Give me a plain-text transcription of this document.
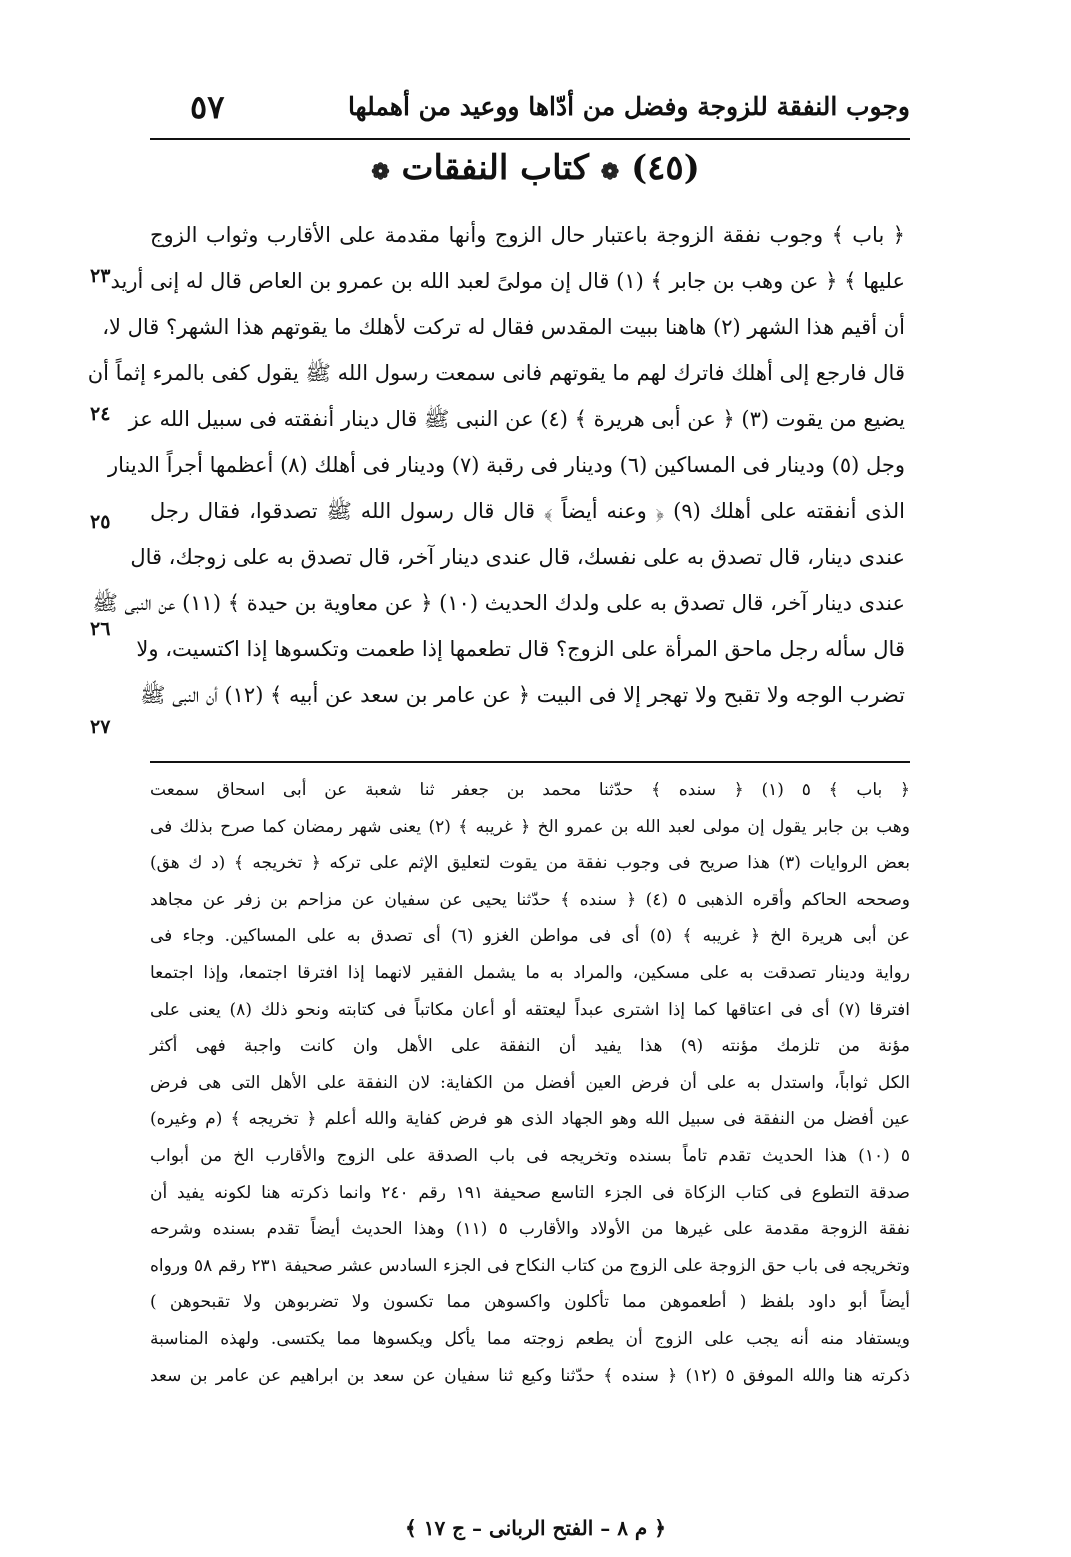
وجوب النفقة للزوجة وفضل من أدّاها ووعيد من أهملها
٥٧
(٤٥) ❁ كتاب النفقات ❁
﴿ باب ﴾ وجوب نفقة الزوجة باعتبار حال الزوج وأنها مقدمة على الأقارب وثواب الزوج
عليها ﴾ ﴿ عن وهب بن جابر ﴾ (١) قال إن مولىً لعبد الله بن عمرو بن العاص قال له إنى أريد
أن أقيم هذا الشهر (٢) هاهنا ببيت المقدس فقال له تركت لأهلك ما يقوتهم هذا الشهر؟ قال لا،
قال فارجع إلى أهلك فاترك لهم ما يقوتهم فانى سمعت رسول الله ﷺ يقول كفى بالمرء إثماً أن
يضيع من يقوت (٣) ﴿ عن أبى هريرة ﴾ (٤) عن النبى ﷺ قال دينار أنفقته فى سبيل الله عز
وجل (٥) ودينار فى المساكين (٦) ودينار فى رقبة (٧) ودينار فى أهلك (٨) أعظمها أجراً الدينار
الذى أنفقته على أهلك (٩) ﴿ وعنه أيضاً ﴾ قال قال رسول الله ﷺ تصدقوا، فقال رجل
عندى دينار، قال تصدق به على نفسك، قال عندى دينار آخر، قال تصدق به على زوجك، قال
عندى دينار آخر، قال تصدق به على ولدك الحديث (١٠) ﴿ عن معاوية بن حيدة ﴾ (١١) عن النبى ﷺ
قال سأله رجل ماحق المرأة على الزوج؟ قال تطعمها إذا طعمت وتكسوها إذا اكتسيت، ولا
تضرب الوجه ولا تقبح ولا تهجر إلا فى البيت ﴿ عن عامر بن سعد عن أبيه ﴾ (١٢) أن النبى ﷺ
٢٣
٢٤
٢٥
٢٦
٢٧
﴿ باب ﴾ ٥ (١) ﴿ سنده ﴾ حدّثنا محمد بن جعفر ثنا شعبة عن أبى اسحاق سمعت
وهب بن جابر يقول إن مولى لعبد الله بن عمرو الخ ﴿ غريبه ﴾ (٢) يعنى شهر رمضان كما صرح بذلك فى
بعض الروايات (٣) هذا صريح فى وجوب نفقة من يقوت لتعليق الإثم على تركه ﴿ تخريجه ﴾ (د ك هق)
وصححه الحاكم وأقره الذهبى ٥ (٤) ﴿ سنده ﴾ حدّثنا يحيى عن سفيان عن مزاحم بن زفر عن مجاهد
عن أبى هريرة الخ ﴿ غريبه ﴾ (٥) أى فى مواطن الغزو (٦) أى تصدق به على المساكين. وجاء فى
رواية ودينار تصدقت به على مسكين، والمراد به ما يشمل الفقير لانهما إذا افترقا اجتمعا، وإذا اجتمعا
افترقا (٧) أى فى اعتاقها كما إذا اشترى عبداً ليعتقه أو أعان مكاتباً فى كتابته ونحو ذلك (٨) يعنى على
مؤنة من تلزمك مؤنته (٩) هذا يفيد أن النفقة على الأهل وان كانت واجبة فهى أكثر
الكل ثواباً، واستدل به على أن فرض العين أفضل من الكفاية: لان النفقة على الأهل التى هى فرض
عين أفضل من النفقة فى سبيل الله وهو الجهاد الذى هو فرض كفاية والله أعلم ﴿ تخريجه ﴾ (م وغيره)
٥ (١٠) هذا الحديث تقدم تاماً بسنده وتخريجه فى باب الصدقة على الزوج والأقارب الخ من أبواب
صدقة التطوع فى كتاب الزكاة فى الجزء التاسع صحيفة ١٩١ رقم ٢٤٠ وانما ذكرته هنا لكونه يفيد أن
نفقة الزوجة مقدمة على غيرها من الأولاد والأقارب ٥ (١١) وهذا الحديث أيضاً تقدم بسنده وشرحه
وتخريجه فى باب حق الزوجة على الزوج من كتاب النكاح فى الجزء السادس عشر صحيفة ٢٣١ رقم ٥٨ ورواه
أيضاً أبو داود بلفظ ( أطعموهن مما تأكلون واكسوهن مما تكسون ولا تضربوهن ولا تقبحوهن )
ويستفاد منه أنه يجب على الزوج أن يطعم زوجته مما يأكل ويكسوها مما يكتسى. ولهذه المناسبة
ذكرته هنا والله الموفق ٥ (١٢) ﴿ سنده ﴾ حدّثنا وكيع ثنا سفيان عن سعد بن ابراهيم عن عامر بن سعد
﴿ م ٨ – الفتح الربانى – ج ١٧ ﴾
